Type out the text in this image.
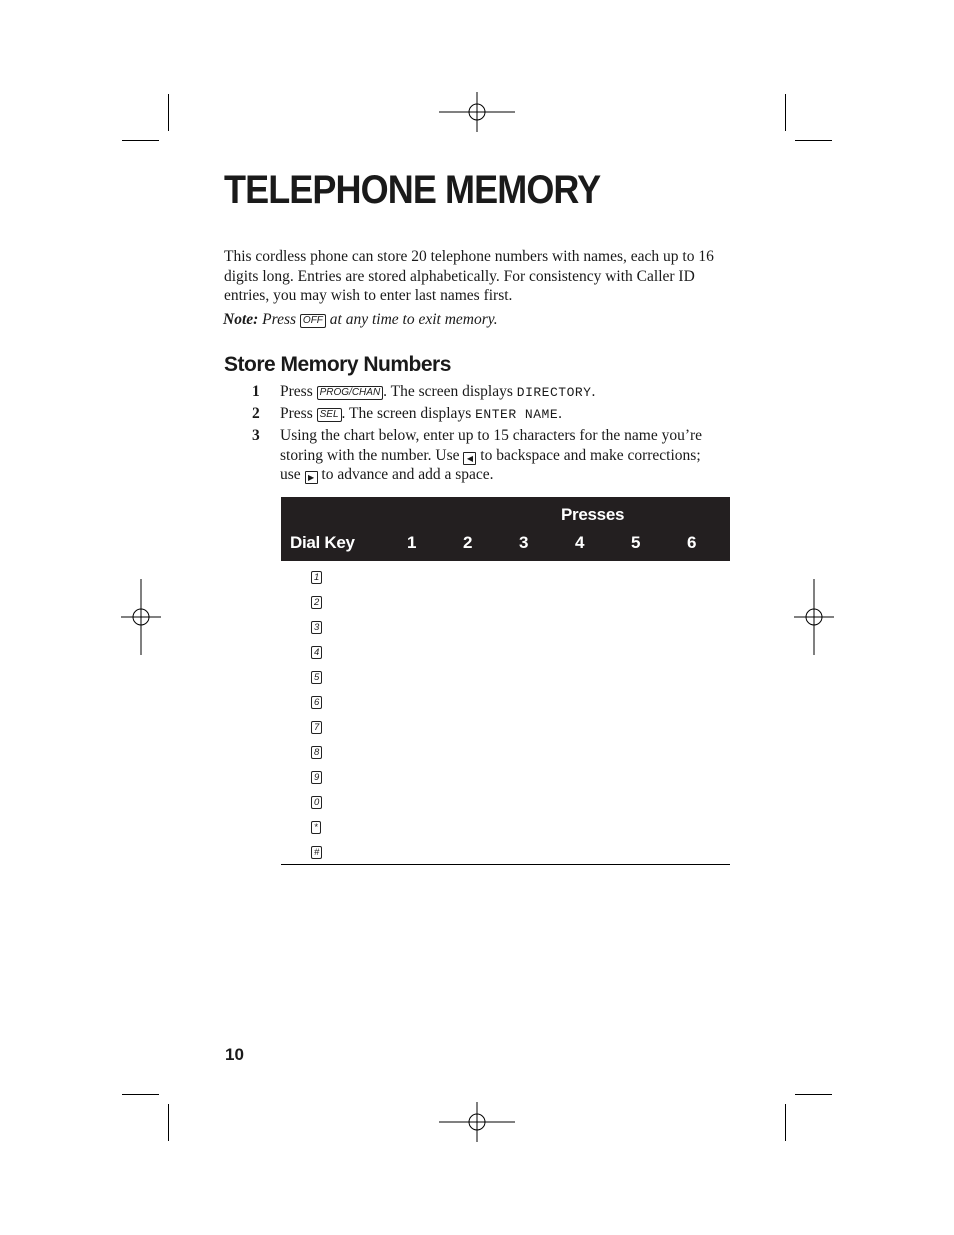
TELEPHONE MEMORY

This cordless phone can store 20 telephone numbers with names, each up to 16 digits long. Entries are stored alphabetically. For consistency with Caller ID entries, you may wish to enter last names first.

Note: Press OFF at any time to exit memory.

Store Memory Numbers
1 Press PROG/CHAN . The screen displays DIRECTORY.
2 Press SEL . The screen displays ENTER NAME.
3 Using the chart below, enter up to 15 characters for the name you’re storing with the number. Use ◀ to backspace and make corrections; use ▶ to advance and add a space.
Presses
Dial Key	1	2	3	4	5	6
1
2
3
4
5
6
7
8
9
0
*
#

10
